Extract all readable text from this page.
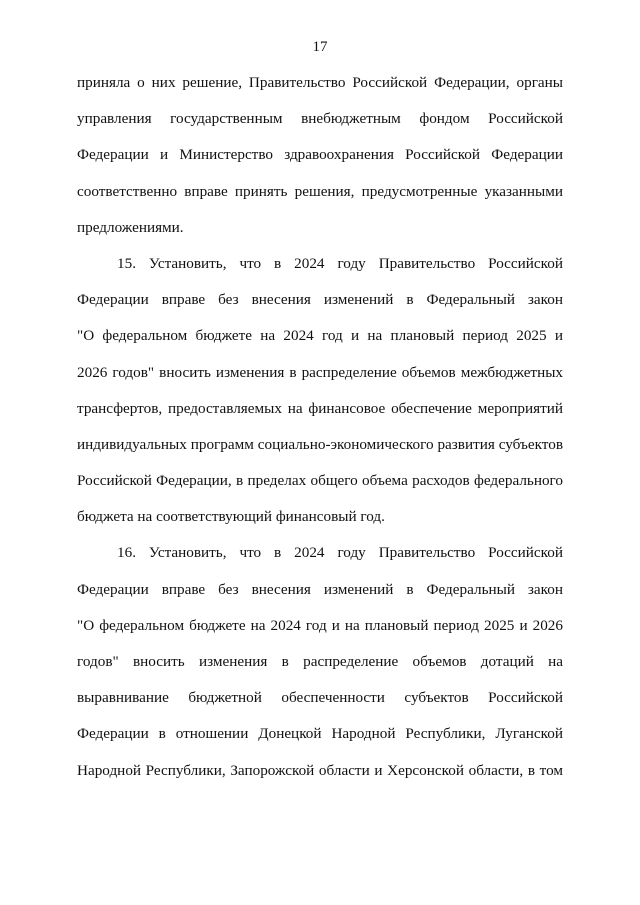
17
приняла о них решение, Правительство Российской Федерации, органы
управления государственным внебюджетным фондом Российской
Федерации и Министерство здравоохранения Российской Федерации
соответственно вправе принять решения, предусмотренные указанными
предложениями.
15. Установить, что в 2024 году Правительство Российской
Федерации вправе без внесения изменений в Федеральный закон
"О федеральном бюджете на 2024 год и на плановый период 2025 и
2026 годов" вносить изменения в распределение объемов межбюджетных
трансфертов, предоставляемых на финансовое обеспечение мероприятий
индивидуальных программ социально-экономического развития субъектов
Российской Федерации, в пределах общего объема расходов федерального
бюджета на соответствующий финансовый год.
16. Установить, что в 2024 году Правительство Российской
Федерации вправе без внесения изменений в Федеральный закон
"О федеральном бюджете на 2024 год и на плановый период 2025 и 2026
годов" вносить изменения в распределение объемов дотаций на
выравнивание бюджетной обеспеченности субъектов Российской
Федерации в отношении Донецкой Народной Республики, Луганской
Народной Республики, Запорожской области и Херсонской области, в том
